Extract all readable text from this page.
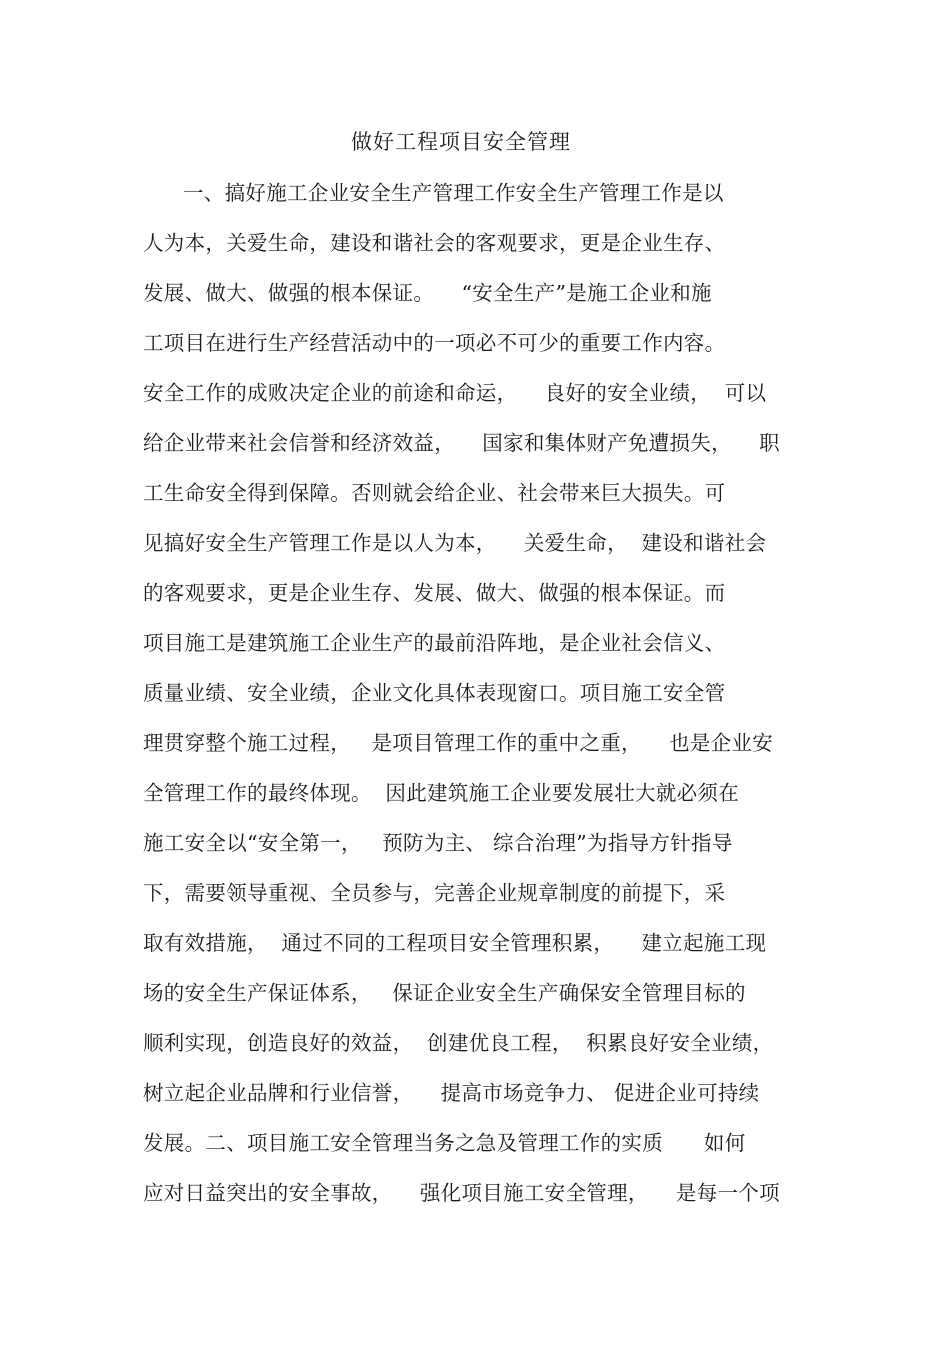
做好工程项目安全管理
一、搞好施工企业安全生产管理工作安全生产管理工作是以
人为本，关爱生命，建设和谐社会的客观要求，更是企业生存、
发展、做大、做强的根本保证。    “安全生产”是施工企业和施
工项目在进行生产经营活动中的一项必不可少的重要工作内容。
安全工作的成败决定企业的前途和命运，    良好的安全业绩，  可以
给企业带来社会信誉和经济效益，    国家和集体财产免遭损失，    职
工生命安全得到保障。否则就会给企业、社会带来巨大损失。可
见搞好安全生产管理工作是以人为本，    关爱生命，  建设和谐社会
的客观要求，更是企业生存、发展、做大、做强的根本保证。而
项目施工是建筑施工企业生产的最前沿阵地，是企业社会信义、
质量业绩、安全业绩，企业文化具体表现窗口。项目施工安全管
理贯穿整个施工过程，   是项目管理工作的重中之重，    也是企业安
全管理工作的最终体现。  因此建筑施工企业要发展壮大就必须在
施工安全以“安全第一，   预防为主、 综合治理”为指导方针指导
下，需要领导重视、全员参与，完善企业规章制度的前提下，采
取有效措施，  通过不同的工程项目安全管理积累，    建立起施工现
场的安全生产保证体系，   保证企业安全生产确保安全管理目标的
顺利实现，创造良好的效益，  创建优良工程，  积累良好安全业绩，
树立起企业品牌和行业信誉，    提高市场竞争力、 促进企业可持续
发展。二、项目施工安全管理当务之急及管理工作的实质      如何
应对日益突出的安全事故，    强化项目施工安全管理，    是每一个项
